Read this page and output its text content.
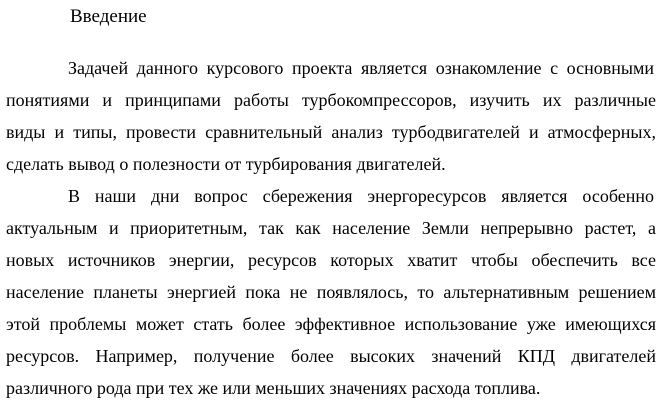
Введение
Задачей данного курсового проекта является ознакомление с основными
понятиями и принципами работы турбокомпрессоров, изучить их различные
виды и типы, провести сравнительный анализ турбодвигателей и атмосферных,
сделать вывод о полезности от турбирования двигателей.
В наши дни вопрос сбережения энергоресурсов является особенно
актуальным и приоритетным, так как население Земли непрерывно растет, а
новых источников энергии, ресурсов которых хватит чтобы обеспечить все
население планеты энергией пока не появлялось, то альтернативным решением
этой проблемы может стать более эффективное использование уже имеющихся
ресурсов. Например, получение более высоких значений КПД двигателей
различного рода при тех же или меньших значениях расхода топлива.
